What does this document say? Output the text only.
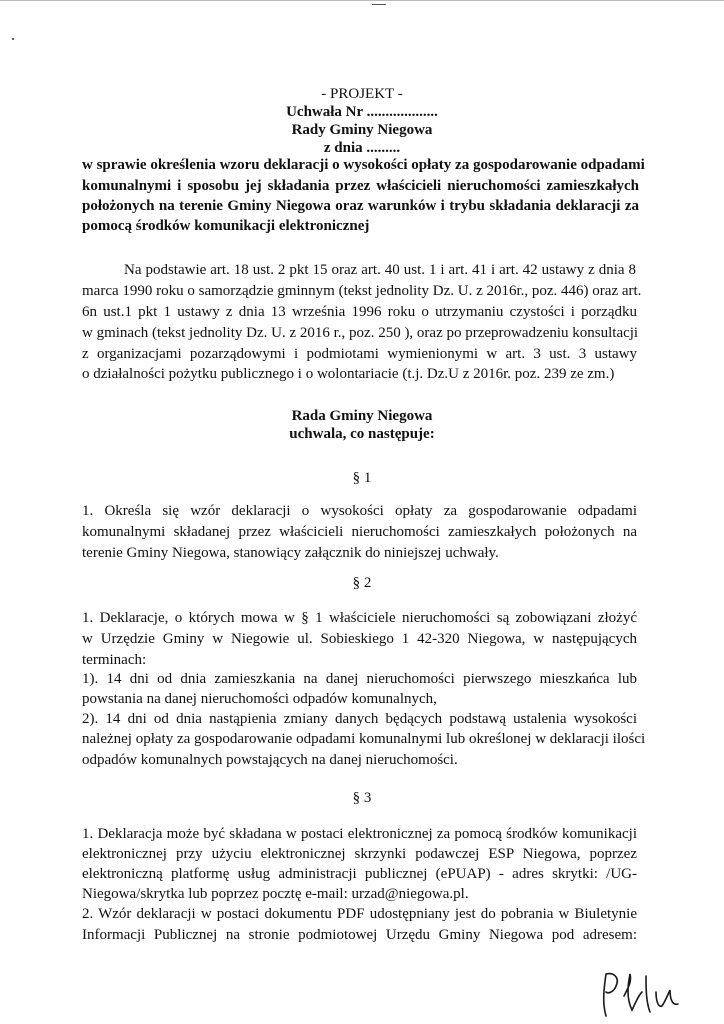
- PROJEKT -
Uchwała Nr ...................
Rady Gminy Niegowa
z dnia .........
w sprawie określenia wzoru deklaracji o wysokości opłaty za gospodarowanie odpadami
komunalnymi i sposobu jej składania przez właścicieli nieruchomości zamieszkałych
położonych na terenie Gminy Niegowa oraz warunków i trybu składania deklaracji za
pomocą środków komunikacji elektronicznej
Na podstawie art. 18 ust. 2 pkt 15 oraz art. 40 ust. 1 i art. 41 i art. 42 ustawy z dnia 8
marca 1990 roku o samorządzie gminnym (tekst jednolity Dz. U. z 2016r., poz. 446) oraz art.
6n ust.1 pkt 1 ustawy z dnia 13 września 1996 roku o utrzymaniu czystości i porządku
w gminach (tekst jednolity Dz. U. z 2016 r., poz. 250 ), oraz po przeprowadzeniu konsultacji
z organizacjami pozarządowymi i podmiotami wymienionymi w art. 3 ust. 3 ustawy
o działalności pożytku publicznego i o wolontariacie (t.j. Dz.U z 2016r. poz. 239 ze zm.)
Rada Gminy Niegowa
uchwala, co następuje:
§ 1
1. Określa się wzór deklaracji o wysokości opłaty za gospodarowanie odpadami
komunalnymi składanej przez właścicieli nieruchomości zamieszkałych położonych na
terenie Gminy Niegowa, stanowiący załącznik do niniejszej uchwały.
§ 2
1. Deklaracje, o których mowa w § 1 właściciele nieruchomości są zobowiązani złożyć
w Urzędzie Gminy w Niegowie ul. Sobieskiego 1 42-320 Niegowa, w następujących
terminach:
1). 14 dni od dnia zamieszkania na danej nieruchomości pierwszego mieszkańca lub
powstania na danej nieruchomości odpadów komunalnych,
2). 14 dni od dnia nastąpienia zmiany danych będących podstawą ustalenia wysokości
należnej opłaty za gospodarowanie odpadami komunalnymi lub określonej w deklaracji ilości
odpadów komunalnych powstających na danej nieruchomości.
§ 3
1. Deklaracja może być składana w postaci elektronicznej za pomocą środków komunikacji
elektronicznej przy użyciu elektronicznej skrzynki podawczej ESP Niegowa, poprzez
elektroniczną platformę usług administracji publicznej (ePUAP) - adres skrytki: /UG-
Niegowa/skrytka lub poprzez pocztę e-mail: urzad@niegowa.pl.
2. Wzór deklaracji w postaci dokumentu PDF udostępniany jest do pobrania w Biuletynie
Informacji Publicznej na stronie podmiotowej Urzędu Gminy Niegowa pod adresem:
